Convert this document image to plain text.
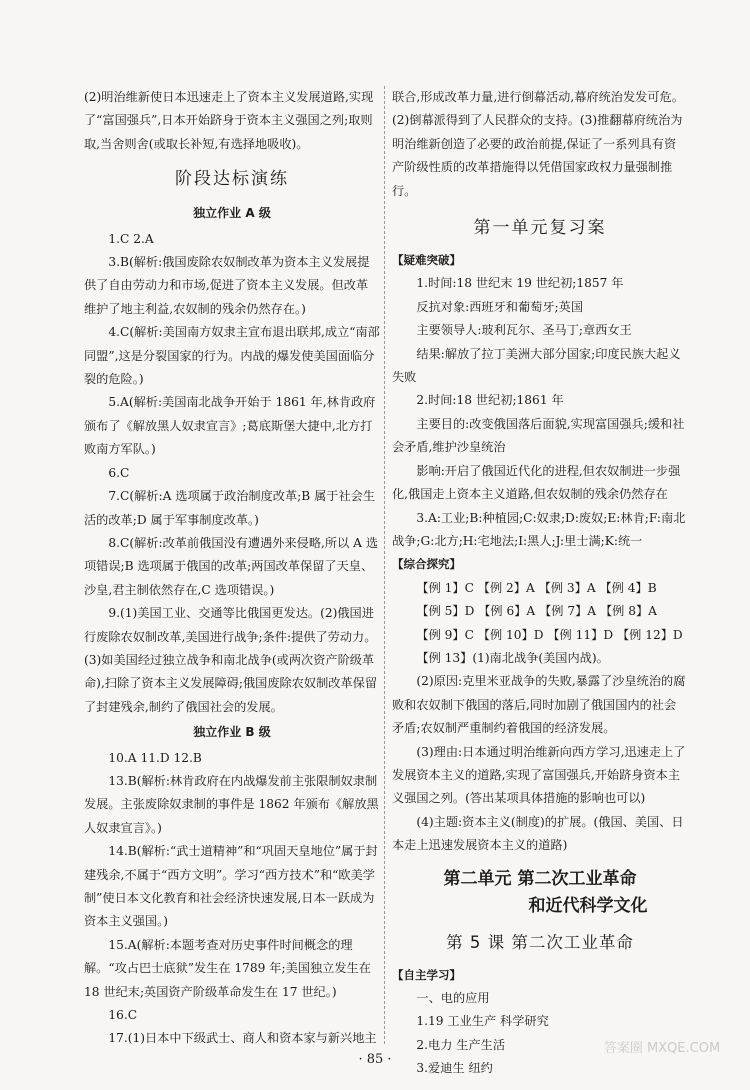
(2)明治维新使日本迅速走上了资本主义发展道路,实现了“富国强兵”,日本开始跻身于资本主义强国之列;取则取,当舍则舍(或取长补短,有选择地吸收)。

阶段达标演练
独立作业 A 级

1.C 2.A

3.B(解析:俄国废除农奴制改革为资本主义发展提供了自由劳动力和市场,促进了资本主义发展。但改革维护了地主利益,农奴制的残余仍然存在。)

4.C(解析:美国南方奴隶主宣布退出联邦,成立“南部同盟”,这是分裂国家的行为。内战的爆发使美国面临分裂的危险。)

5.A(解析:美国南北战争开始于 1861 年,林肯政府颁布了《解放黑人奴隶宣言》;葛底斯堡大捷中,北方打败南方军队。)

6.C

7.C(解析:A 选项属于政治制度改革;B 属于社会生活的改革;D 属于军事制度改革。)

8.C(解析:改革前俄国没有遭遇外来侵略,所以 A 选项错误;B 选项属于俄国的改革;两国改革保留了天皇、沙皇,君主制依然存在,C 选项错误。)

9.(1)美国工业、交通等比俄国更发达。(2)俄国进行废除农奴制改革,美国进行战争;条件:提供了劳动力。(3)如美国经过独立战争和南北战争(或两次资产阶级革命),扫除了资本主义发展障碍;俄国废除农奴制改革保留了封建残余,制约了俄国社会的发展。

独立作业 B 级

10.A 11.D 12.B

13.B(解析:林肯政府在内战爆发前主张限制奴隶制发展。主张废除奴隶制的事件是 1862 年颁布《解放黑人奴隶宣言》。)

14.B(解析:“武士道精神”和“巩固天皇地位”属于封建残余,不属于“西方文明”。学习“西方技术”和“欧美学制”使日本文化教育和社会经济快速发展,日本一跃成为资本主义强国。)

15.A(解析:本题考查对历史事件时间概念的理解。“攻占巴士底狱”发生在 1789 年;美国独立发生在 18 世纪末;英国资产阶级革命发生在 17 世纪。)

16.C

17.(1)日本中下级武士、商人和资本家与新兴地主

联合,形成改革力量,进行倒幕活动,幕府统治发发可危。(2)倒幕派得到了人民群众的支持。(3)推翻幕府统治为明治维新创造了必要的政治前提,保证了一系列具有资产阶级性质的改革措施得以凭借国家政权力量强制推行。

第一单元复习案
【疑难突破】

1.时间:18 世纪末 19 世纪初;1857 年

反抗对象:西班牙和葡萄牙;英国

主要领导人:玻利瓦尔、圣马丁;章西女王

结果:解放了拉丁美洲大部分国家;印度民族大起义失败

2.时间:18 世纪初;1861 年

主要目的:改变俄国落后面貌,实现富国强兵;缓和社会矛盾,维护沙皇统治

影响:开启了俄国近代化的进程,但农奴制进一步强化,俄国走上资本主义道路,但农奴制的残余仍然存在

3.A:工业;B:种植园;C:奴隶;D:废奴;E:林肯;F:南北战争;G:北方;H:宅地法;I:黑人;J:里士满;K:统一

【综合探究】

【例 1】C 【例 2】A 【例 3】A 【例 4】B

【例 5】D 【例 6】A 【例 7】A 【例 8】A

【例 9】C 【例 10】D 【例 11】D 【例 12】D

【例 13】(1)南北战争(美国内战)。

(2)原因:克里米亚战争的失败,暴露了沙皇统治的腐败和农奴制下俄国的落后,同时加剧了俄国国内的社会矛盾;农奴制严重制约着俄国的经济发展。

(3)理由:日本通过明治维新向西方学习,迅速走上了发展资本主义的道路,实现了富国强兵,开始跻身资本主义强国之列。(答出某项具体措施的影响也可以)

(4)主题:资本主义(制度)的扩展。(俄国、美国、日本走上迅速发展资本主义的道路)

第二单元 第二次工业革命
和近代科学文化
第 5 课 第二次工业革命
【自主学习】

一、电的应用

1.19 工业生产 科学研究

2.电力 生产生活

3.爱迪生 纽约

· 85 ·
答案圈 MXQE.COM
